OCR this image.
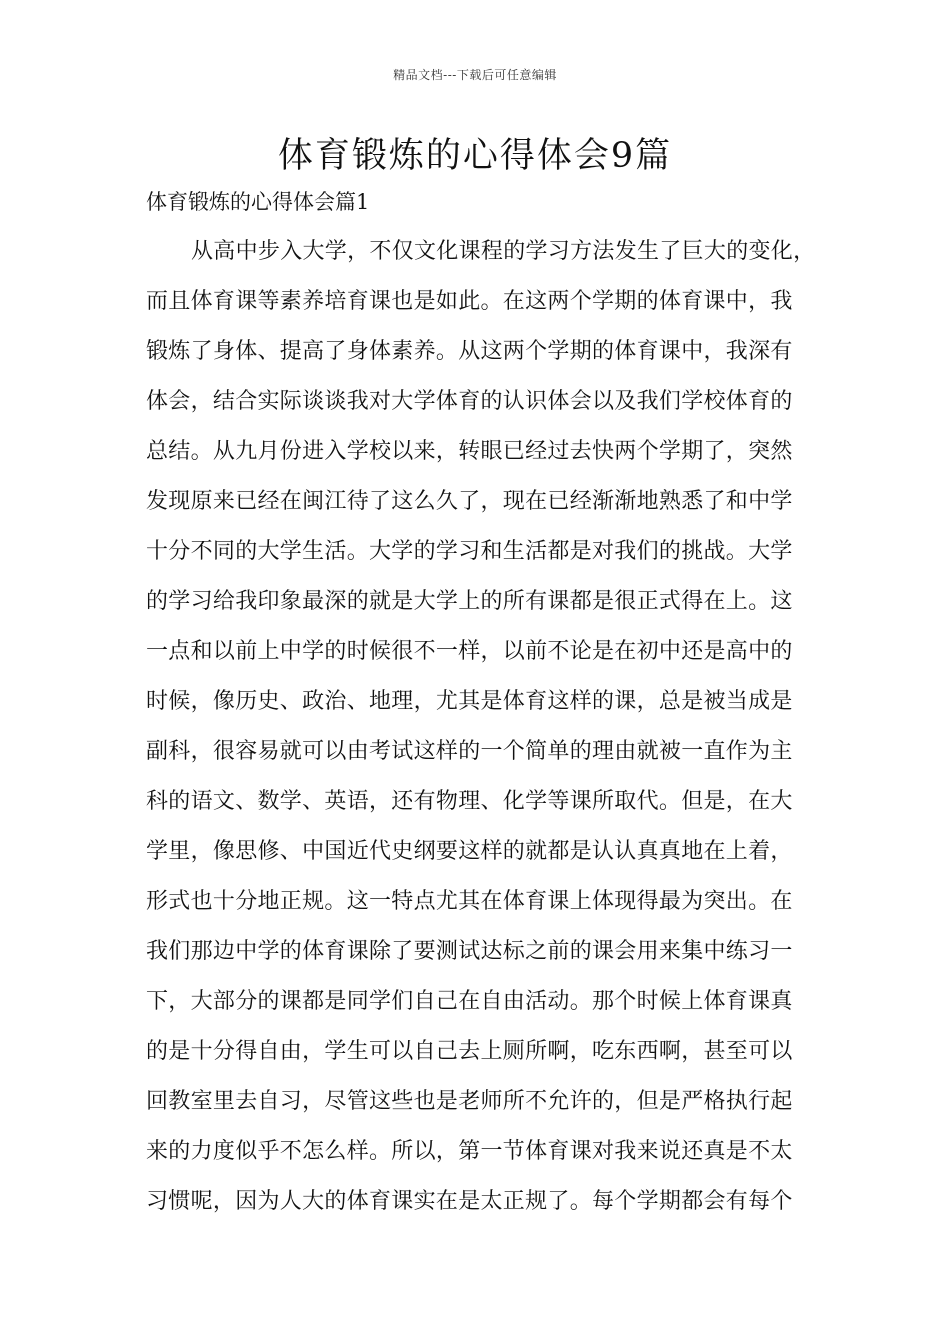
精品文档---下载后可任意编辑
体育锻炼的心得体会9篇
体育锻炼的心得体会篇1
从高中步入大学，不仅文化课程的学习方法发生了巨大的变化，
而且体育课等素养培育课也是如此。在这两个学期的体育课中，我
锻炼了身体、提高了身体素养。从这两个学期的体育课中，我深有
体会，结合实际谈谈我对大学体育的认识体会以及我们学校体育的
总结。从九月份进入学校以来，转眼已经过去快两个学期了，突然
发现原来已经在闽江待了这么久了，现在已经渐渐地熟悉了和中学
十分不同的大学生活。大学的学习和生活都是对我们的挑战。大学
的学习给我印象最深的就是大学上的所有课都是很正式得在上。这
一点和以前上中学的时候很不一样，以前不论是在初中还是高中的
时候，像历史、政治、地理，尤其是体育这样的课，总是被当成是
副科，很容易就可以由考试这样的一个简单的理由就被一直作为主
科的语文、数学、英语，还有物理、化学等课所取代。但是，在大
学里，像思修、中国近代史纲要这样的就都是认认真真地在上着，
形式也十分地正规。这一特点尤其在体育课上体现得最为突出。在
我们那边中学的体育课除了要测试达标之前的课会用来集中练习一
下，大部分的课都是同学们自己在自由活动。那个时候上体育课真
的是十分得自由，学生可以自己去上厕所啊，吃东西啊，甚至可以
回教室里去自习，尽管这些也是老师所不允许的，但是严格执行起
来的力度似乎不怎么样。所以，第一节体育课对我来说还真是不太
习惯呢，因为人大的体育课实在是太正规了。每个学期都会有每个
